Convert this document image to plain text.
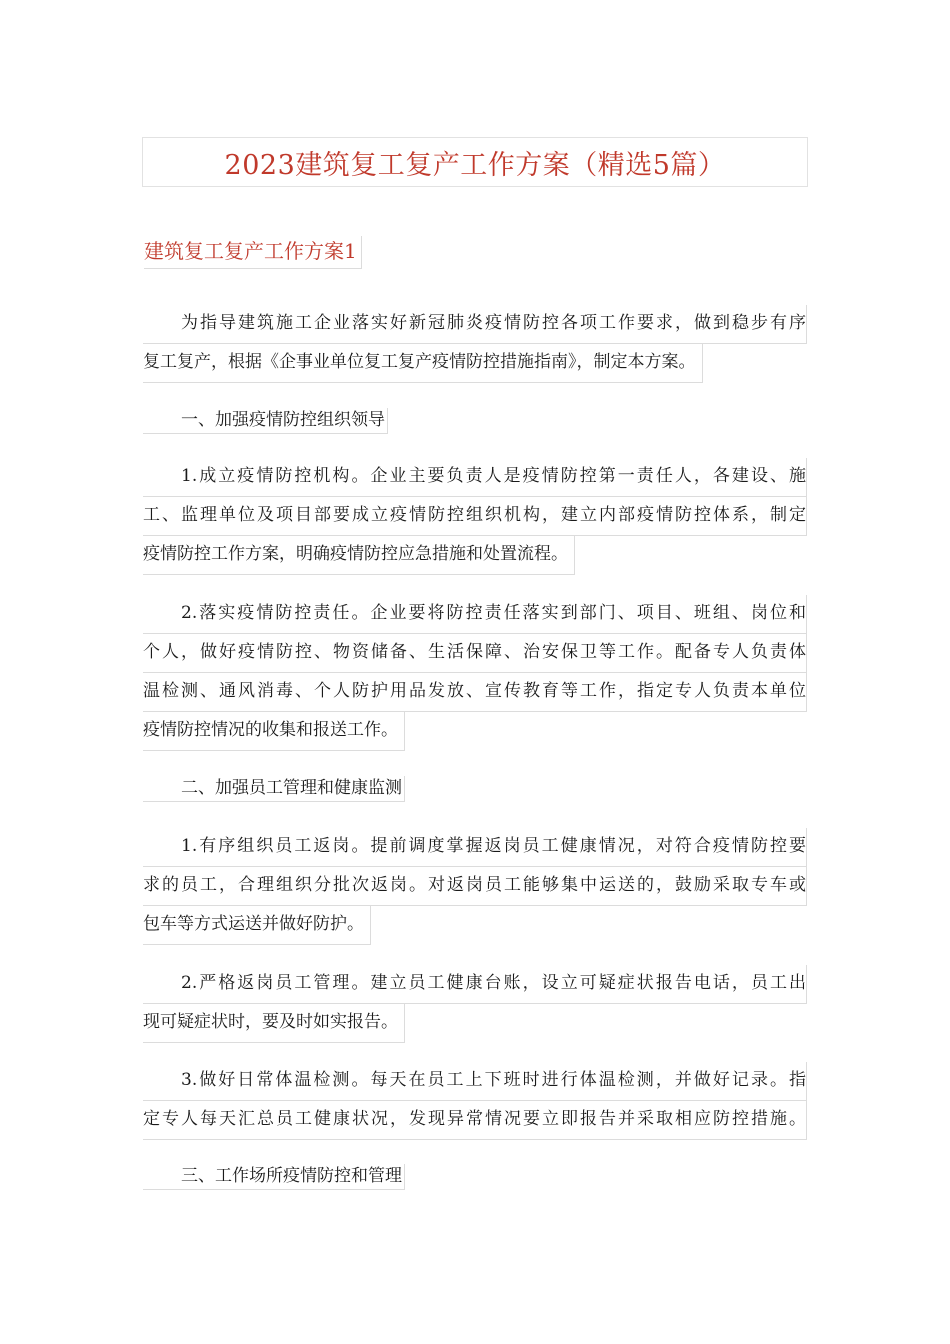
2023建筑复工复产工作方案（精选5篇）
建筑复工复产工作方案1
为指导建筑施工企业落实好新冠肺炎疫情防控各项工作要求，做到稳步有序
复工复产，根据《企事业单位复工复产疫情防控措施指南》，制定本方案。
一、加强疫情防控组织领导
1.成立疫情防控机构。企业主要负责人是疫情防控第一责任人，各建设、施
工、监理单位及项目部要成立疫情防控组织机构，建立内部疫情防控体系，制定
疫情防控工作方案，明确疫情防控应急措施和处置流程。
2.落实疫情防控责任。企业要将防控责任落实到部门、项目、班组、岗位和
个人，做好疫情防控、物资储备、生活保障、治安保卫等工作。配备专人负责体
温检测、通风消毒、个人防护用品发放、宣传教育等工作，指定专人负责本单位
疫情防控情况的收集和报送工作。
二、加强员工管理和健康监测
1.有序组织员工返岗。提前调度掌握返岗员工健康情况，对符合疫情防控要
求的员工，合理组织分批次返岗。对返岗员工能够集中运送的，鼓励采取专车或
包车等方式运送并做好防护。
2.严格返岗员工管理。建立员工健康台账，设立可疑症状报告电话，员工出
现可疑症状时，要及时如实报告。
3.做好日常体温检测。每天在员工上下班时进行体温检测，并做好记录。指
定专人每天汇总员工健康状况，发现异常情况要立即报告并采取相应防控措施。
三、工作场所疫情防控和管理
